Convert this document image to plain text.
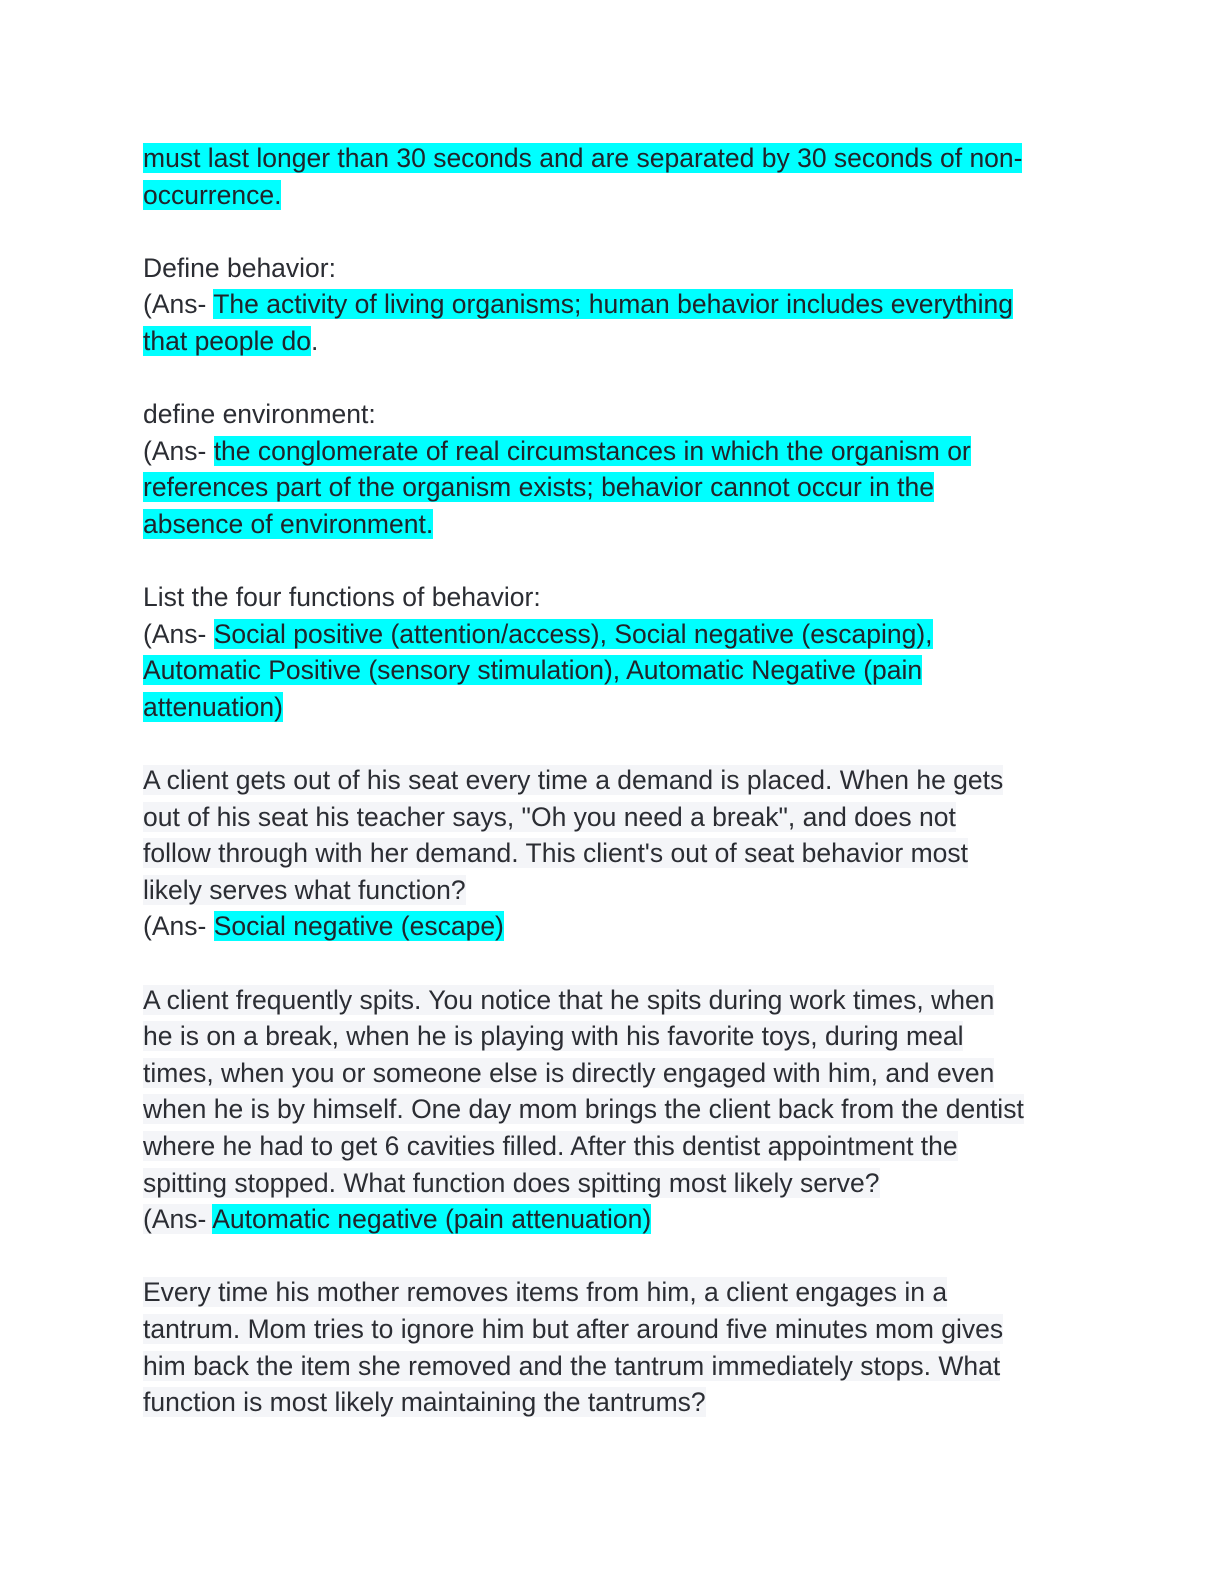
must last longer than 30 seconds and are separated by 30 seconds of non-
occurrence.
Define behavior:
(Ans- The activity of living organisms; human behavior includes everything
that people do.
define environment:
(Ans- the conglomerate of real circumstances in which the organism or
references part of the organism exists; behavior cannot occur in the
absence of environment.
List the four functions of behavior:
(Ans- Social positive (attention/access), Social negative (escaping),
Automatic Positive (sensory stimulation), Automatic Negative (pain
attenuation)
A client gets out of his seat every time a demand is placed. When he gets
out of his seat his teacher says, "Oh you need a break", and does not
follow through with her demand. This client's out of seat behavior most
likely serves what function?
(Ans- Social negative (escape)
A client frequently spits. You notice that he spits during work times, when
he is on a break, when he is playing with his favorite toys, during meal
times, when you or someone else is directly engaged with him, and even
when he is by himself. One day mom brings the client back from the dentist
where he had to get 6 cavities filled. After this dentist appointment the
spitting stopped. What function does spitting most likely serve?
(Ans- Automatic negative (pain attenuation)
Every time his mother removes items from him, a client engages in a
tantrum. Mom tries to ignore him but after around five minutes mom gives
him back the item she removed and the tantrum immediately stops. What
function is most likely maintaining the tantrums?
